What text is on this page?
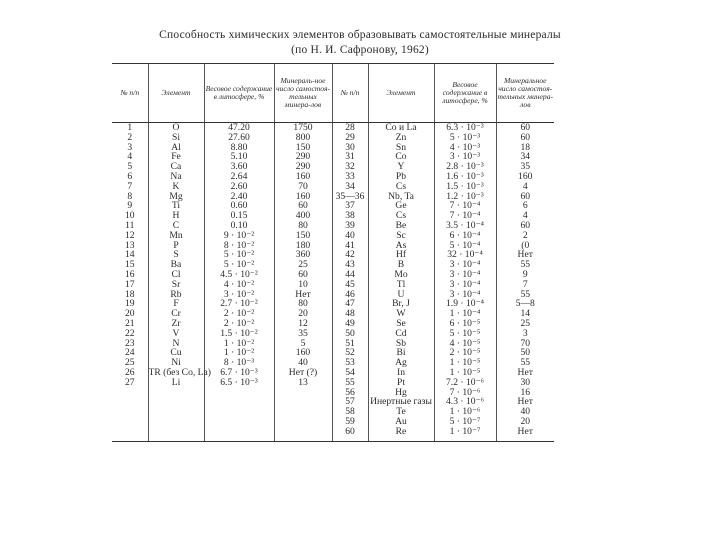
Способность химических элементов образовывать самостоятельные минералы
(по Н. И. Сафронову, 1962)
№ п/п	Элемент	Весовое содержание в литосфере, %	Минераль-ное число самостоя-тельных минера-лов	№ п/п	Элемент	Весовое содержание в литосфере, %	Минеральное число самостоя-тельных минера-лов
1	O	47.20	1750	28	Co и La	6.3 · 10⁻³	60
2	Si	27.60	800	29	Zn	5 · 10⁻³	60
3	Al	8.80	150	30	Sn	4 · 10⁻³	18
4	Fe	5.10	290	31	Co	3 · 10⁻³	34
5	Ca	3.60	290	32	Y	2.8 · 10⁻³	35
6	Na	2.64	160	33	Pb	1.6 · 10⁻³	160
7	K	2.60	70	34	Cs	1.5 · 10⁻³	4
8	Mg	2.40	160	35—36	Nb, Ta	1.2 · 10⁻³	60
9	Ti	0.60	60	37	Ge	7 · 10⁻⁴	6
10	H	0.15	400	38	Cs	7 · 10⁻⁴	4
11	C	0.10	80	39	Be	3.5 · 10⁻⁴	60
12	Mn	9 · 10⁻²	150	40	Sc	6 · 10⁻⁴	2
13	P	8 · 10⁻²	180	41	As	5 · 10⁻⁴	(0
14	S	5 · 10⁻²	360	42	Hf	32 · 10⁻⁴	Нет
15	Ba	5 · 10⁻²	25	43	B	3 · 10⁻⁴	55
16	Cl	4.5 · 10⁻²	60	44	Mo	3 · 10⁻⁴	9
17	Sr	4 · 10⁻²	10	45	Tl	3 · 10⁻⁴	7
18	Rb	3 · 10⁻²	Нет	46	U	3 · 10⁻⁴	55
19	F	2.7 · 10⁻²	80	47	Br, J	1.9 · 10⁻⁴	5—8
20	Cr	2 · 10⁻²	20	48	W	1 · 10⁻⁴	14
21	Zr	2 · 10⁻²	12	49	Se	6 · 10⁻⁵	25
22	V	1.5 · 10⁻²	35	50	Cd	5 · 10⁻⁵	3
23	N	1 · 10⁻²	5	51	Sb	4 · 10⁻⁵	70
24	Cu	1 · 10⁻²	160	52	Bi	2 · 10⁻⁵	50
25	Ni	8 · 10⁻³	40	53	Ag	1 · 10⁻⁵	55
26	TR (без Co, La)	6.7 · 10⁻³	Нет (?)	54	In	1 · 10⁻⁵	Нет
27	Li	6.5 · 10⁻³	13	55	Pt	7.2 · 10⁻⁶	30
				56	Hg	7 · 10⁻⁶	16
				57	Инертные газы	4.3 · 10⁻⁶	Нет
				58	Te	1 · 10⁻⁶	40
				59	Au	5 · 10⁻⁷	20
				60	Re	1 · 10⁻⁷	Нет
